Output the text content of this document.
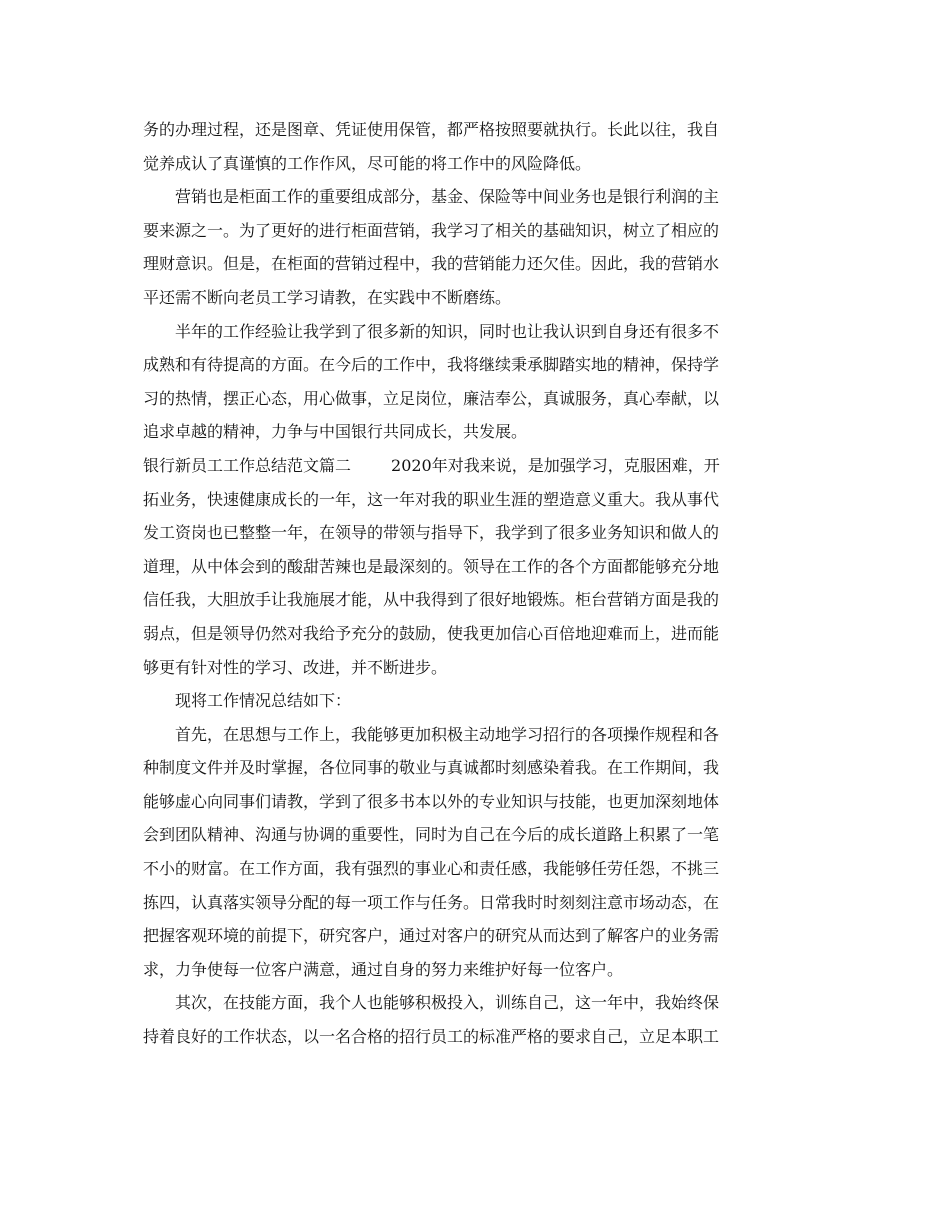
务的办理过程，还是图章、凭证使用保管，都严格按照要就执行。长此以往，我自
觉养成认了真谨慎的工作作风，尽可能的将工作中的风险降低。
营销也是柜面工作的重要组成部分，基金、保险等中间业务也是银行利润的主
要来源之一。为了更好的进行柜面营销，我学习了相关的基础知识，树立了相应的
理财意识。但是，在柜面的营销过程中，我的营销能力还欠佳。因此，我的营销水
平还需不断向老员工学习请教，在实践中不断磨练。
半年的工作经验让我学到了很多新的知识，同时也让我认识到自身还有很多不
成熟和有待提高的方面。在今后的工作中，我将继续秉承脚踏实地的精神，保持学
习的热情，摆正心态，用心做事，立足岗位，廉洁奉公，真诚服务，真心奉献，以
追求卓越的精神，力争与中国银行共同成长，共发展。
银行新员工工作总结范文篇二	2020年对我来说，是加强学习，克服困难，开
拓业务，快速健康成长的一年，这一年对我的职业生涯的塑造意义重大。我从事代
发工资岗也已整整一年，在领导的带领与指导下，我学到了很多业务知识和做人的
道理，从中体会到的酸甜苦辣也是最深刻的。领导在工作的各个方面都能够充分地
信任我，大胆放手让我施展才能，从中我得到了很好地锻炼。柜台营销方面是我的
弱点，但是领导仍然对我给予充分的鼓励，使我更加信心百倍地迎难而上，进而能
够更有针对性的学习、改进，并不断进步。
现将工作情况总结如下：
首先，在思想与工作上，我能够更加积极主动地学习招行的各项操作规程和各
种制度文件并及时掌握，各位同事的敬业与真诚都时刻感染着我。在工作期间，我
能够虚心向同事们请教，学到了很多书本以外的专业知识与技能，也更加深刻地体
会到团队精神、沟通与协调的重要性，同时为自己在今后的成长道路上积累了一笔
不小的财富。在工作方面，我有强烈的事业心和责任感，我能够任劳任怨，不挑三
拣四，认真落实领导分配的每一项工作与任务。日常我时时刻刻注意市场动态，在
把握客观环境的前提下，研究客户，通过对客户的研究从而达到了解客户的业务需
求，力争使每一位客户满意，通过自身的努力来维护好每一位客户。
其次，在技能方面，我个人也能够积极投入，训练自己，这一年中，我始终保
持着良好的工作状态，以一名合格的招行员工的标准严格的要求自己，立足本职工
